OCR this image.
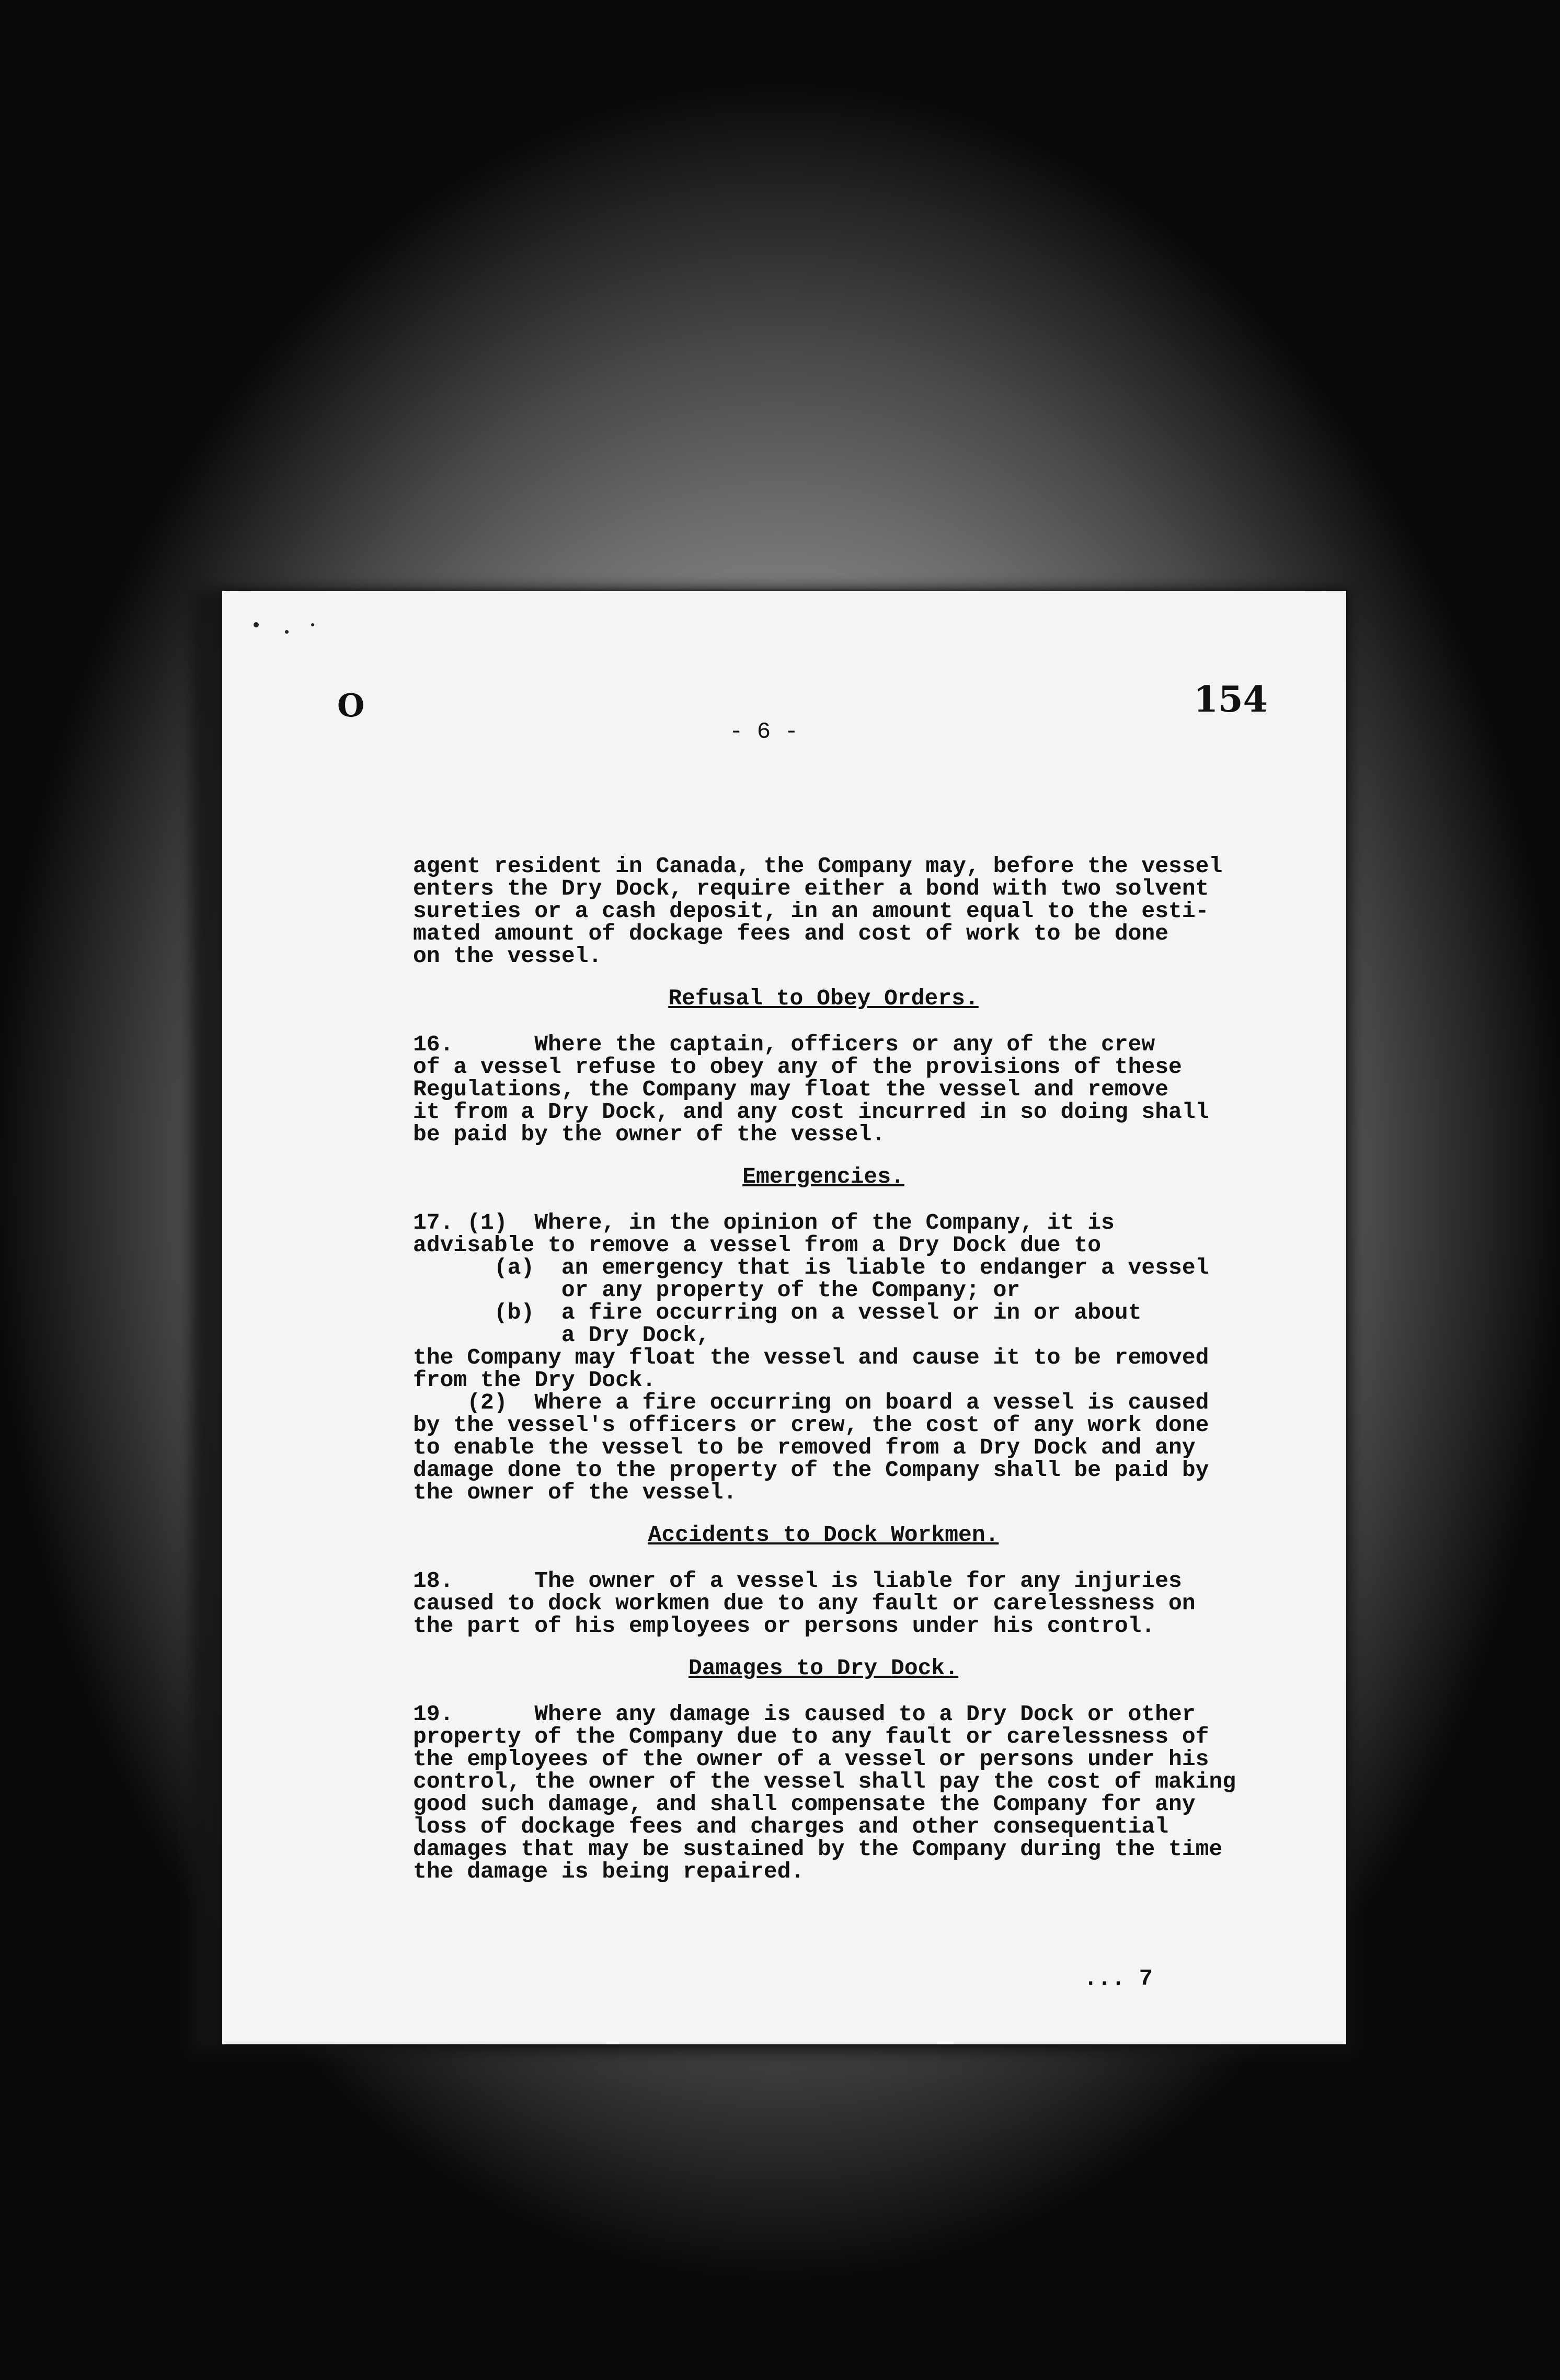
O	154
- 6 -

agent resident in Canada, the Company may, before the vessel
enters the Dry Dock, require either a bond with two solvent
sureties or a cash deposit, in an amount equal to the esti-
mated amount of dockage fees and cost of work to be done
on the vessel.

Refusal to Obey Orders.

16.      Where the captain, officers or any of the crew
of a vessel refuse to obey any of the provisions of these
Regulations, the Company may float the vessel and remove
it from a Dry Dock, and any cost incurred in so doing shall
be paid by the owner of the vessel.

Emergencies.

17. (1)  Where, in the opinion of the Company, it is
advisable to remove a vessel from a Dry Dock due to
(a)  an emergency that is liable to endanger a vessel
or any property of the Company; or
(b)  a fire occurring on a vessel or in or about
a Dry Dock,
the Company may float the vessel and cause it to be removed
from the Dry Dock.
(2)  Where a fire occurring on board a vessel is caused
by the vessel's officers or crew, the cost of any work done
to enable the vessel to be removed from a Dry Dock and any
damage done to the property of the Company shall be paid by
the owner of the vessel.

Accidents to Dock Workmen.

18.      The owner of a vessel is liable for any injuries
caused to dock workmen due to any fault or carelessness on
the part of his employees or persons under his control.

Damages to Dry Dock.

19.      Where any damage is caused to a Dry Dock or other
property of the Company due to any fault or carelessness of
the employees of the owner of a vessel or persons under his
control, the owner of the vessel shall pay the cost of making
good such damage, and shall compensate the Company for any
loss of dockage fees and charges and other consequential
damages that may be sustained by the Company during the time
the damage is being repaired.

... 7
